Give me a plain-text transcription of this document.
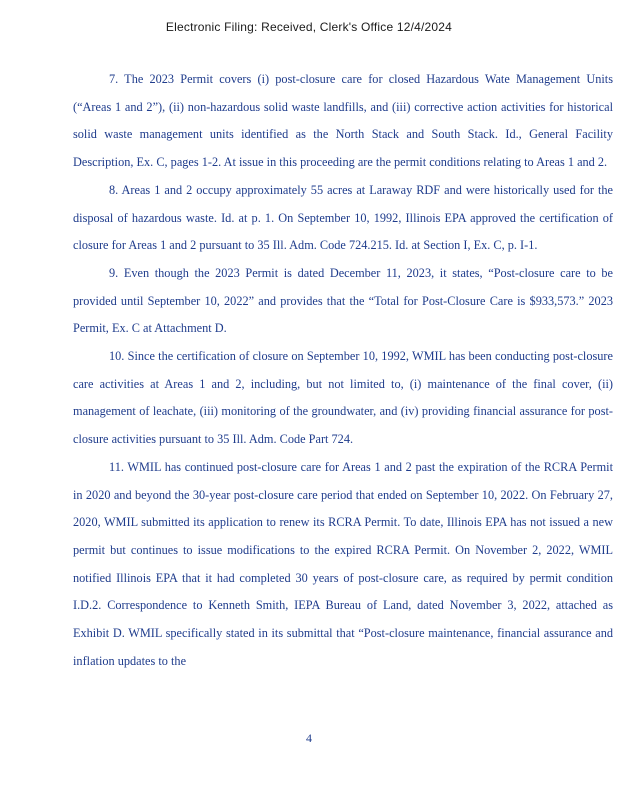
Electronic Filing: Received, Clerk's Office 12/4/2024

7. The 2023 Permit covers (i) post-closure care for closed Hazardous Wate Management Units (“Areas 1 and 2”), (ii) non-hazardous solid waste landfills, and (iii) corrective action activities for historical solid waste management units identified as the North Stack and South Stack. Id., General Facility Description, Ex. C, pages 1-2. At issue in this proceeding are the permit conditions relating to Areas 1 and 2.

8. Areas 1 and 2 occupy approximately 55 acres at Laraway RDF and were historically used for the disposal of hazardous waste. Id. at p. 1. On September 10, 1992, Illinois EPA approved the certification of closure for Areas 1 and 2 pursuant to 35 Ill. Adm. Code 724.215. Id. at Section I, Ex. C, p. I-1.

9. Even though the 2023 Permit is dated December 11, 2023, it states, “Post-closure care to be provided until September 10, 2022” and provides that the “Total for Post-Closure Care is $933,573.” 2023 Permit, Ex. C at Attachment D.

10. Since the certification of closure on September 10, 1992, WMIL has been conducting post-closure care activities at Areas 1 and 2, including, but not limited to, (i) maintenance of the final cover, (ii) management of leachate, (iii) monitoring of the groundwater, and (iv) providing financial assurance for post-closure activities pursuant to 35 Ill. Adm. Code Part 724.

11. WMIL has continued post-closure care for Areas 1 and 2 past the expiration of the RCRA Permit in 2020 and beyond the 30-year post-closure care period that ended on September 10, 2022. On February 27, 2020, WMIL submitted its application to renew its RCRA Permit. To date, Illinois EPA has not issued a new permit but continues to issue modifications to the expired RCRA Permit. On November 2, 2022, WMIL notified Illinois EPA that it had completed 30 years of post-closure care, as required by permit condition I.D.2. Correspondence to Kenneth Smith, IEPA Bureau of Land, dated November 3, 2022, attached as Exhibit D. WMIL specifically stated in its submittal that “Post-closure maintenance, financial assurance and inflation updates to the

4
